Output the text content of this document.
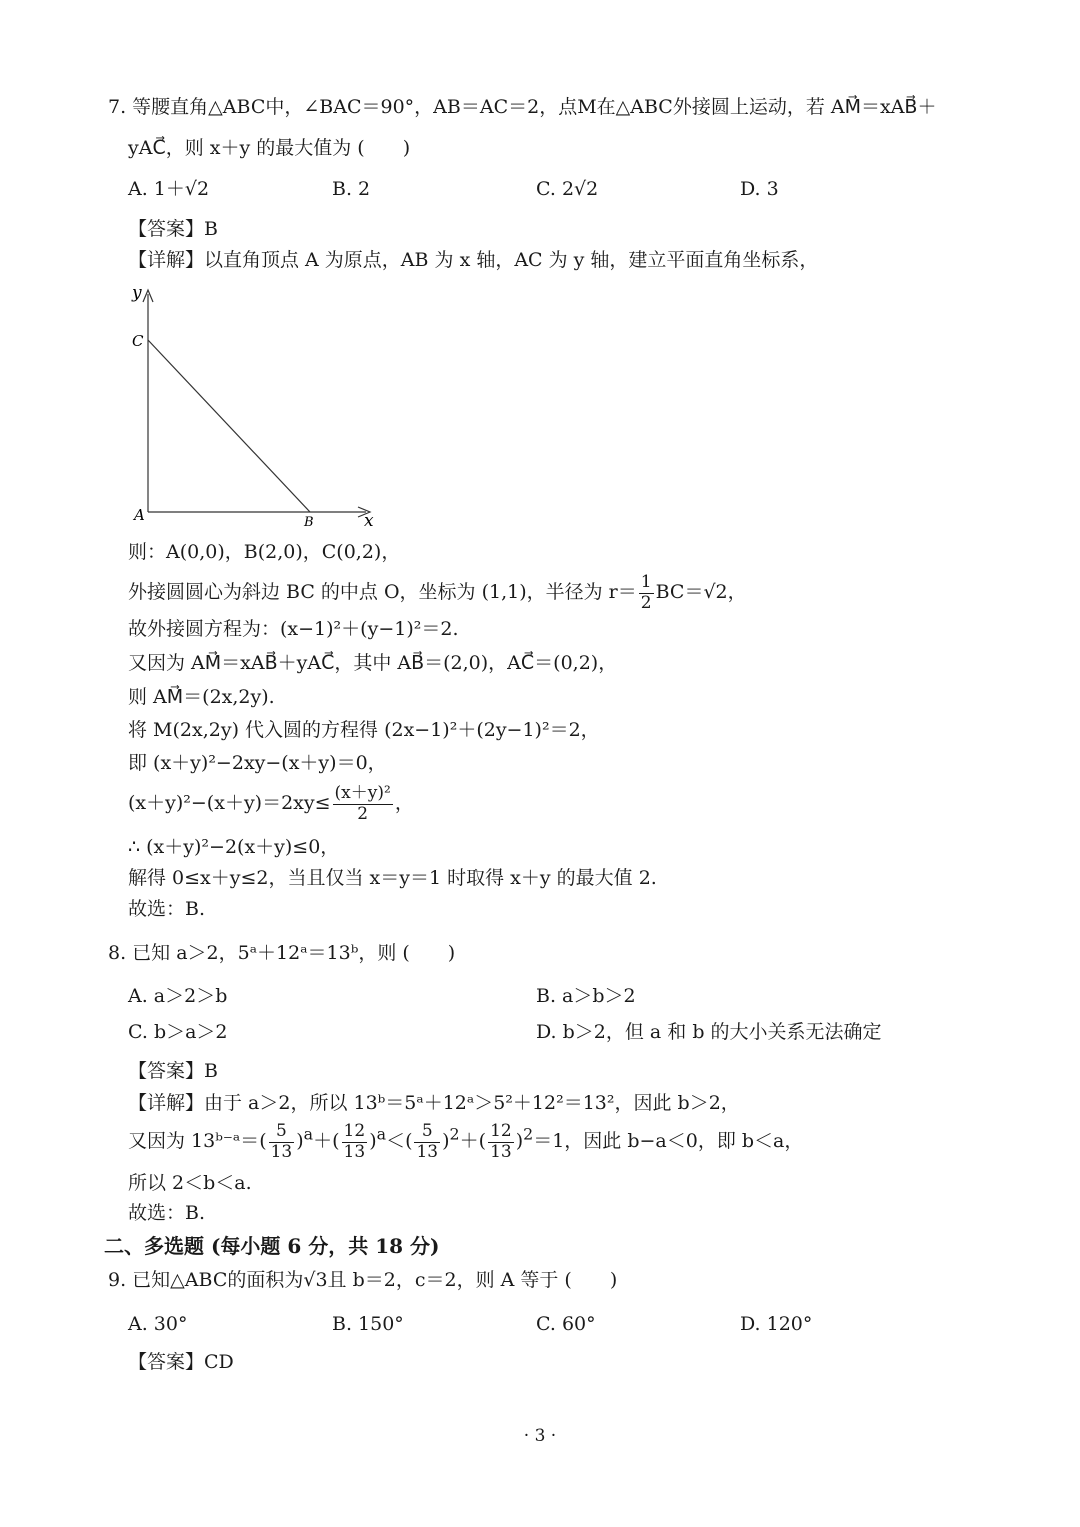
7. 等腰直角△ABC中，∠BAC＝90°，AB＝AC＝2，点M在△ABC外接圆上运动，若 AM⃗＝xAB⃗＋
yAC⃗，则 x＋y 的最大值为 (　　)
A. 1＋√2	B. 2	C. 2√2	D. 3
【答案】B
【详解】以直角顶点 A 为原点，AB 为 x 轴，AC 为 y 轴，建立平面直角坐标系，
y
x
C
A	B
则：A(0,0)，B(2,0)，C(0,2)，
外接圆圆心为斜边 BC 的中点 O，坐标为 (1,1)，半径为 $r= \frac{1}{2} BC=√2$，
故外接圆方程为：(x−1)²＋(y−1)²＝2.
又因为 AM⃗＝xAB⃗＋yAC⃗，其中 AB⃗＝(2,0)，AC⃗＝(0,2)，
则 AM⃗＝(2x,2y).
将 M(2x,2y) 代入圆的方程得 (2x−1)²＋(2y−1)²＝2，
即 (x＋y)²−2xy−(x＋y)＝0，
$(x+y)^2-(x+y)=2xy\le \frac{\text{(x＋y)²}}{2}$ ，
∴ (x＋y)²−2(x＋y)≤0，
解得 0≤x＋y≤2，当且仅当 x＝y＝1 时取得 x＋y 的最大值 2.
故选：B.
8. 已知 a＞2，5ᵃ＋12ᵃ＝13ᵇ，则 (　　)
A. a＞2＞b	B. a＞b＞2
C. b＞a＞2	D. b＞2，但 a 和 b 的大小关系无法确定
【答案】B
【详解】由于 a＞2，所以 13ᵇ＝5ᵃ＋12ᵃ＞5²＋12²＝13²，因此 b＞2，
又因为 13ᵇ⁻ᵃ＝( $\frac{5}{13} )^a+( \frac{12}{13} )^a<( \frac{5}{13} )^2+( \frac{12}{13} )^2=1$，因此 b−a＜0，即 b＜a，
所以 2＜b＜a.
故选：B.
二、多选题 (每小题 6 分，共 18 分)
9. 已知△ABC的面积为√3且 b＝2，c＝2，则 A 等于 (　　)
A. 30°	B. 150°	C. 60°	D. 120°
【答案】CD
· 3 ·
